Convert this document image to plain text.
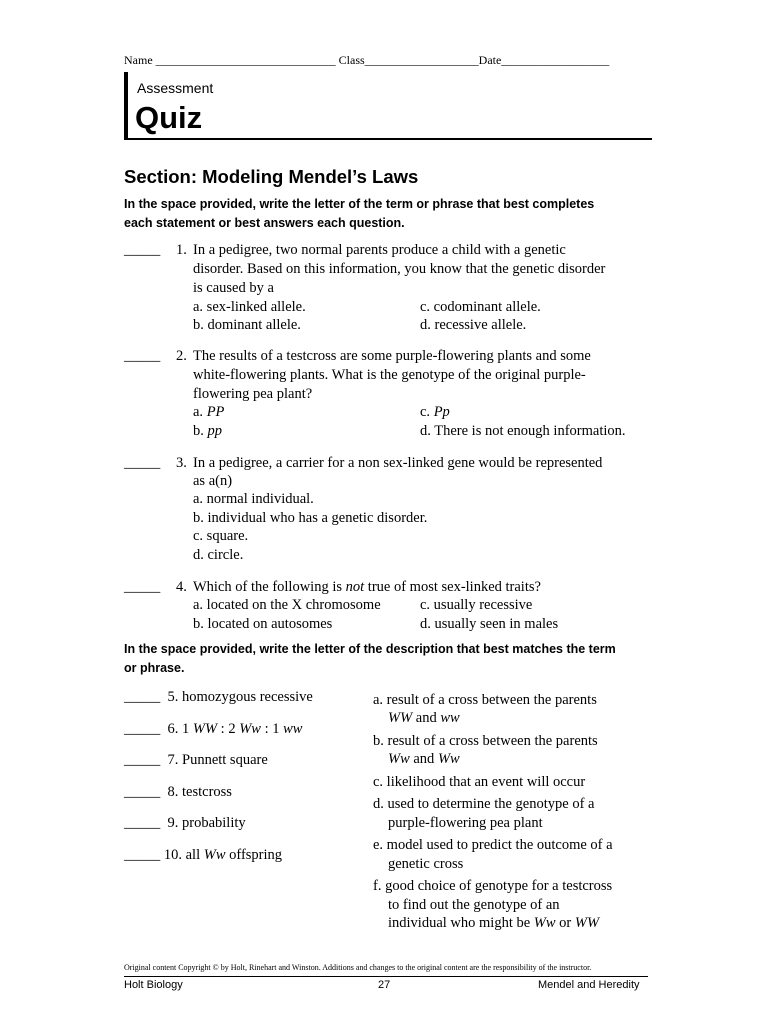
Name ______________________________ Class___________________Date__________________
Assessment
Quiz
Section: Modeling Mendel’s Laws
In the space provided, write the letter of the term or phrase that best completes
each statement or best answers each question.
_____ 1. In a pedigree, two normal parents produce a child with a genetic
disorder. Based on this information, you know that the genetic disorder
is caused by a
a. sex-linked allele.
b. dominant allele.
c. codominant allele.
d. recessive allele.
_____ 2. The results of a testcross are some purple-flowering plants and some
white-flowering plants. What is the genotype of the original purple-
flowering pea plant?
a. PP
b. pp
c. Pp
d. There is not enough information.
_____ 3. In a pedigree, a carrier for a non sex-linked gene would be represented
as a(n)
a. normal individual.
b. individual who has a genetic disorder.
c. square.
d. circle.
_____ 4. Which of the following is not true of most sex-linked traits?
a. located on the X chromosome
b. located on autosomes
c. usually recessive
d. usually seen in males
In the space provided, write the letter of the description that best matches the term
or phrase.
_____ 5. homozygous recessive
_____ 6. 1 WW : 2 Ww : 1 ww
_____ 7. Punnett square
_____ 8. testcross
_____ 9. probability
_____ 10. all Ww offspring
a. result of a cross between the parents
WW and ww
b. result of a cross between the parents
Ww and Ww
c. likelihood that an event will occur
d. used to determine the genotype of a
purple-flowering pea plant
e. model used to predict the outcome of a
genetic cross
f. good choice of genotype for a testcross
to find out the genotype of an
individual who might be Ww or WW
Original content Copyright © by Holt, Rinehart and Winston. Additions and changes to the original content are the responsibility of the instructor.
Holt Biology	27	Mendel and Heredity
